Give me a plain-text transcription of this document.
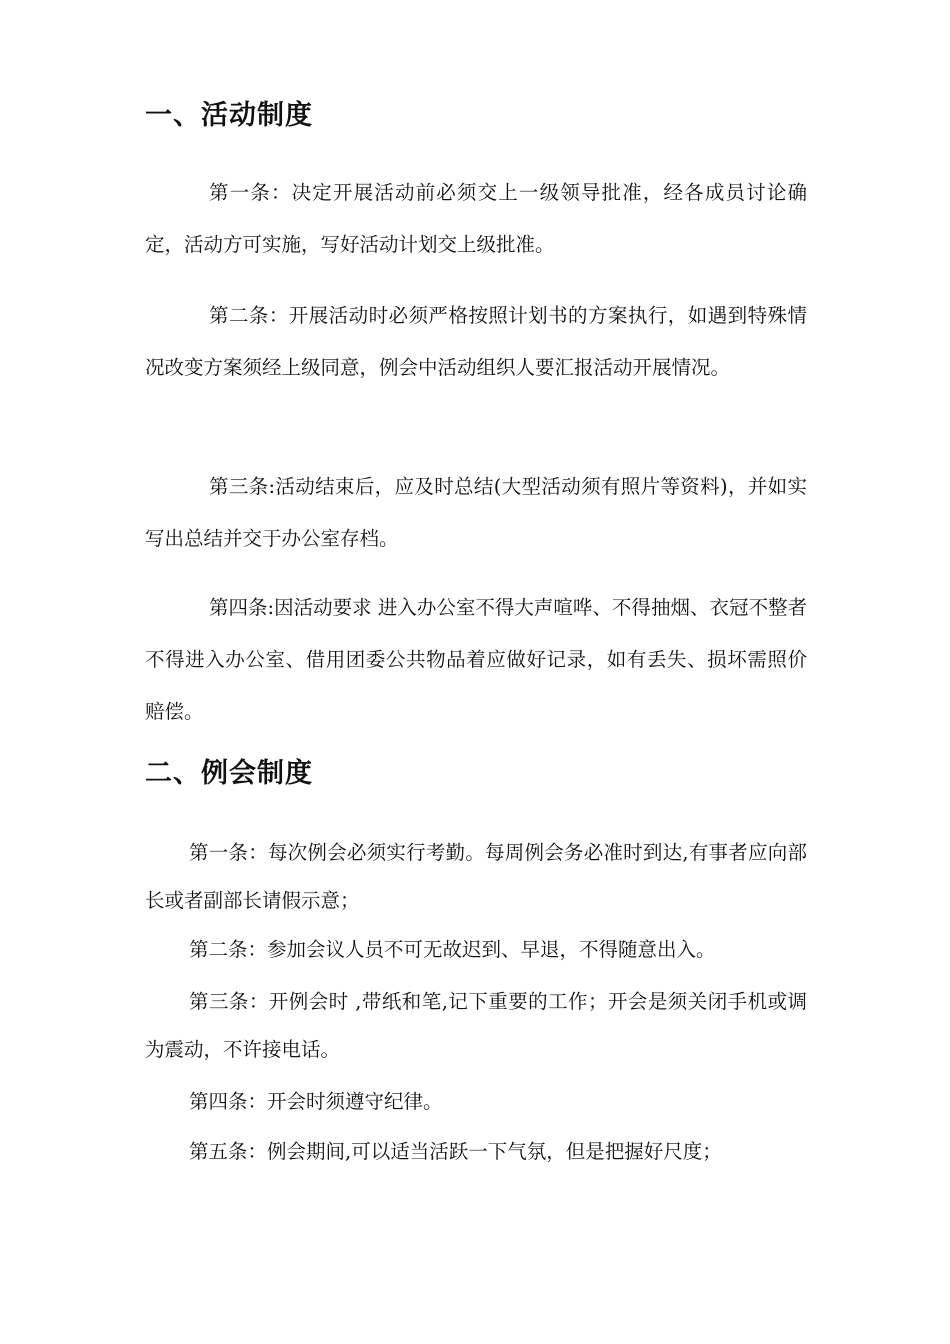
一、活动制度

第一条：决定开展活动前必须交上一级领导批准，经各成员讨论确定，活动方可实施，写好活动计划交上级批准。

第二条：开展活动时必须严格按照计划书的方案执行，如遇到特殊情况改变方案须经上级同意，例会中活动组织人要汇报活动开展情况。

第三条:活动结束后，应及时总结(大型活动须有照片等资料)，并如实写出总结并交于办公室存档。

第四条:因活动要求 进入办公室不得大声喧哗、不得抽烟、衣冠不整者不得进入办公室、借用团委公共物品着应做好记录，如有丢失、损坏需照价赔偿。

二、例会制度

第一条：每次例会必须实行考勤。每周例会务必准时到达,有事者应向部长或者副部长请假示意；

第二条：参加会议人员不可无故迟到、早退，不得随意出入。

第三条：开例会时 ,带纸和笔,记下重要的工作；开会是须关闭手机或调为震动，不许接电话。

第四条：开会时须遵守纪律。

第五条：例会期间,可以适当活跃一下气氛，但是把握好尺度；
